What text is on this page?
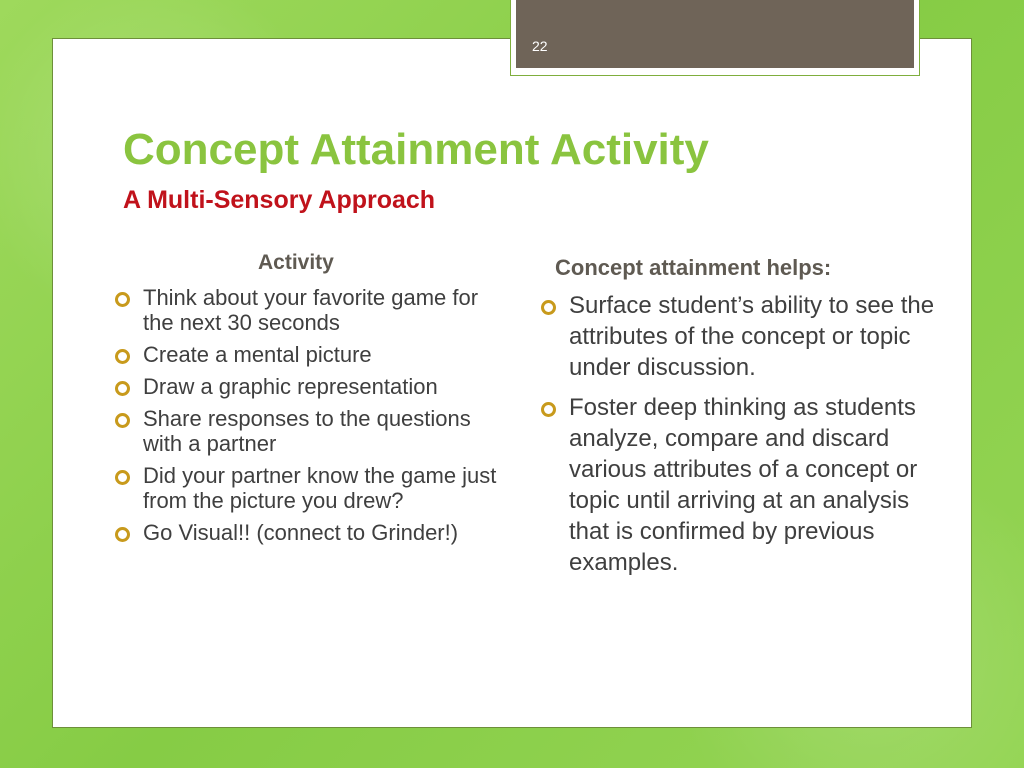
22
Concept Attainment Activity
A Multi-Sensory Approach
Activity
Think about your favorite game for the next 30 seconds
Create a mental picture
Draw a graphic representation
Share responses to the questions with a partner
Did your partner know the game just from the picture you drew?
Go Visual!! (connect to Grinder!)
Concept attainment helps:
Surface student’s ability to see the attributes of the concept or topic under discussion.
Foster deep thinking as students analyze, compare and discard various attributes of a concept or topic until arriving at an analysis that is confirmed by previous examples.
